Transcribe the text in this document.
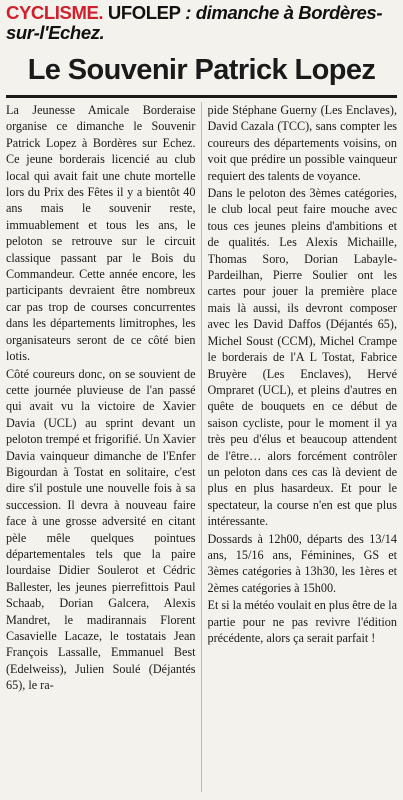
CYCLISME. UFOLEP : dimanche à Bordères-sur-l'Echez.
Le Souvenir Patrick Lopez

La Jeunesse Amicale Borderaise organise ce dimanche le Souvenir Patrick Lopez à Bordères sur Echez. Ce jeune borderais licencié au club local qui avait fait une chute mortelle lors du Prix des Fêtes il y a bientôt 40 ans mais le souvenir reste, immuablement et tous les ans, le peloton se retrouve sur le circuit classique passant par le Bois du Commandeur. Cette année encore, les participants devraient être nombreux car pas trop de courses concurrentes dans les départements limitrophes, les organisateurs seront de ce côté bien lotis.

Côté coureurs donc, on se souvient de cette journée pluvieuse de l'an passé qui avait vu la victoire de Xavier Davia (UCL) au sprint devant un peloton trempé et frigorifié. Un Xavier Davia vainqueur dimanche de l'Enfer Bigourdan à Tostat en solitaire, c'est dire s'il postule une nouvelle fois à sa succession. Il devra à nouveau faire face à une grosse adversité en citant pèle mêle quelques pointues départementales tels que la paire lourdaise Didier Soulerot et Cédric Ballester, les jeunes pierrefittois Paul Schaab, Dorian Galcera, Alexis Mandret, le madirannais Florent Casavielle Lacaze, le tostatais Jean François Lassalle, Emmanuel Best (Edelweiss), Julien Soulé (Déjantés 65), le ra-

pide Stéphane Guerny (Les Enclaves), David Cazala (TCC), sans compter les coureurs des départements voisins, on voit que prédire un possible vainqueur requiert des talents de voyance.

Dans le peloton des 3èmes catégories, le club local peut faire mouche avec tous ces jeunes pleins d'ambitions et de qualités. Les Alexis Michaille, Thomas Soro, Dorian Labayle-Pardeilhan, Pierre Soulier ont les cartes pour jouer la première place mais là aussi, ils devront composer avec les David Daffos (Déjantés 65), Michel Soust (CCM), Michel Crampe le borderais de l'A L Tostat, Fabrice Bruyère (Les Enclaves), Hervé Ompraret (UCL), et pleins d'autres en quête de bouquets en ce début de saison cycliste, pour le moment il ya très peu d'élus et beaucoup attendent de l'être… alors forcément contrôler un peloton dans ces cas là devient de plus en plus hasardeux. Et pour le spectateur, la course n'en est que plus intéressante.

Dossards à 12h00, départs des 13/14 ans, 15/16 ans, Féminines, GS et 3èmes catégories à 13h30, les 1ères et 2èmes catégories à 15h00.

Et si la météo voulait en plus être de la partie pour ne pas revivre l'édition précédente, alors ça serait parfait !
